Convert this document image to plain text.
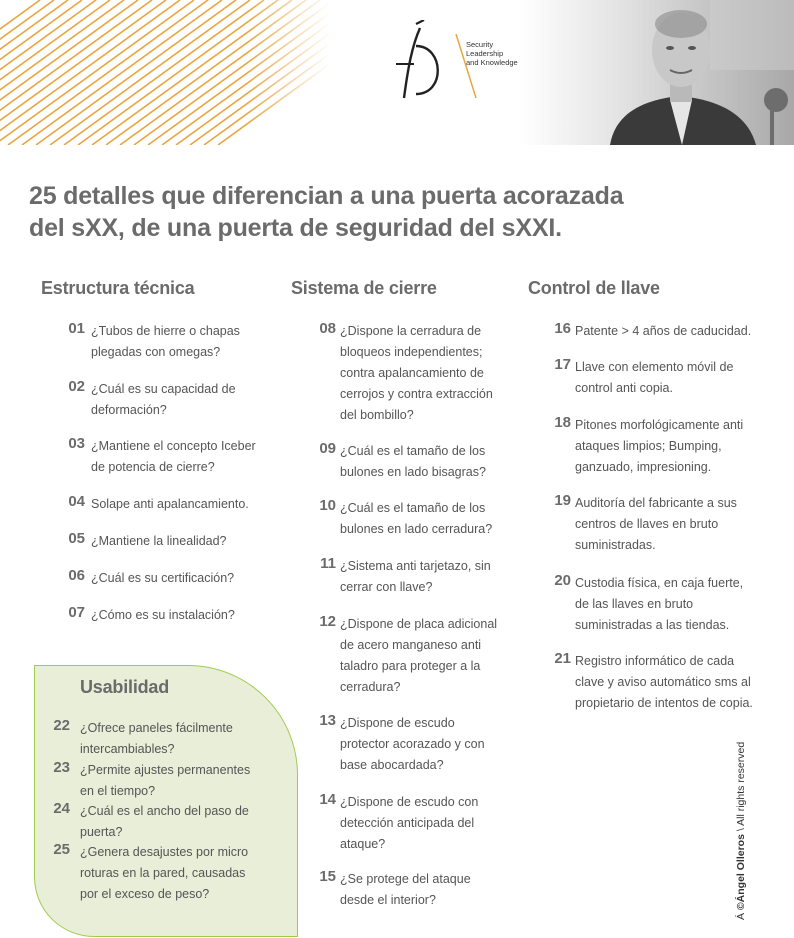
Security
Leadership
and Knowledge
25 detalles que diferencian a una puerta acorazada
del sXX, de una puerta de seguridad del sXXI.
Estructura técnica	Sistema de cierre	Control de llave
Usabilidad
01 ¿Tubos de hierre o chapas
plegadas con omegas?
02 ¿Cuál es su capacidad de
deformación?
03 ¿Mantiene el concepto Iceber
de potencia de cierre?
04 Solape anti apalancamiento.
05 ¿Mantiene la linealidad?
06 ¿Cuál es su certificación?
07 ¿Cómo es su instalación?
08 ¿Dispone la cerradura de
bloqueos independientes;
contra apalancamiento de
cerrojos y contra extracción
del bombillo?
09 ¿Cuál es el tamaño de los
bulones en lado bisagras?
10 ¿Cuál es el tamaño de los
bulones en lado cerradura?
11 ¿Sistema anti tarjetazo, sin
cerrar con llave?
12 ¿Dispone de placa adicional
de acero manganeso anti
taladro para proteger a la
cerradura?
13 ¿Dispone de escudo
protector acorazado y con
base abocardada?
14 ¿Dispone de escudo con
detección anticipada del
ataque?
15 ¿Se protege del ataque
desde el interior?
16 Patente > 4 años de caducidad.
17 Llave con elemento móvil de
control anti copia.
18 Pitones morfológicamente anti
ataques limpios; Bumping,
ganzuado, impresioning.
19 Auditoría del fabricante a sus
centros de llaves en bruto
suministradas.
20 Custodia física, en caja fuerte,
de las llaves en bruto
suministradas a las tiendas.
21 Registro informático de cada
clave y aviso automático sms al
propietario de intentos de copia.
22 ¿Ofrece paneles fácilmente
intercambiables?
23 ¿Permite ajustes permanentes
en el tiempo?
24 ¿Cuál es el ancho del paso de
puerta?
25 ¿Genera desajustes por micro
roturas en la pared, causadas
por el exceso de peso?
Á ©Ángel Olleros \ All rights reserved
